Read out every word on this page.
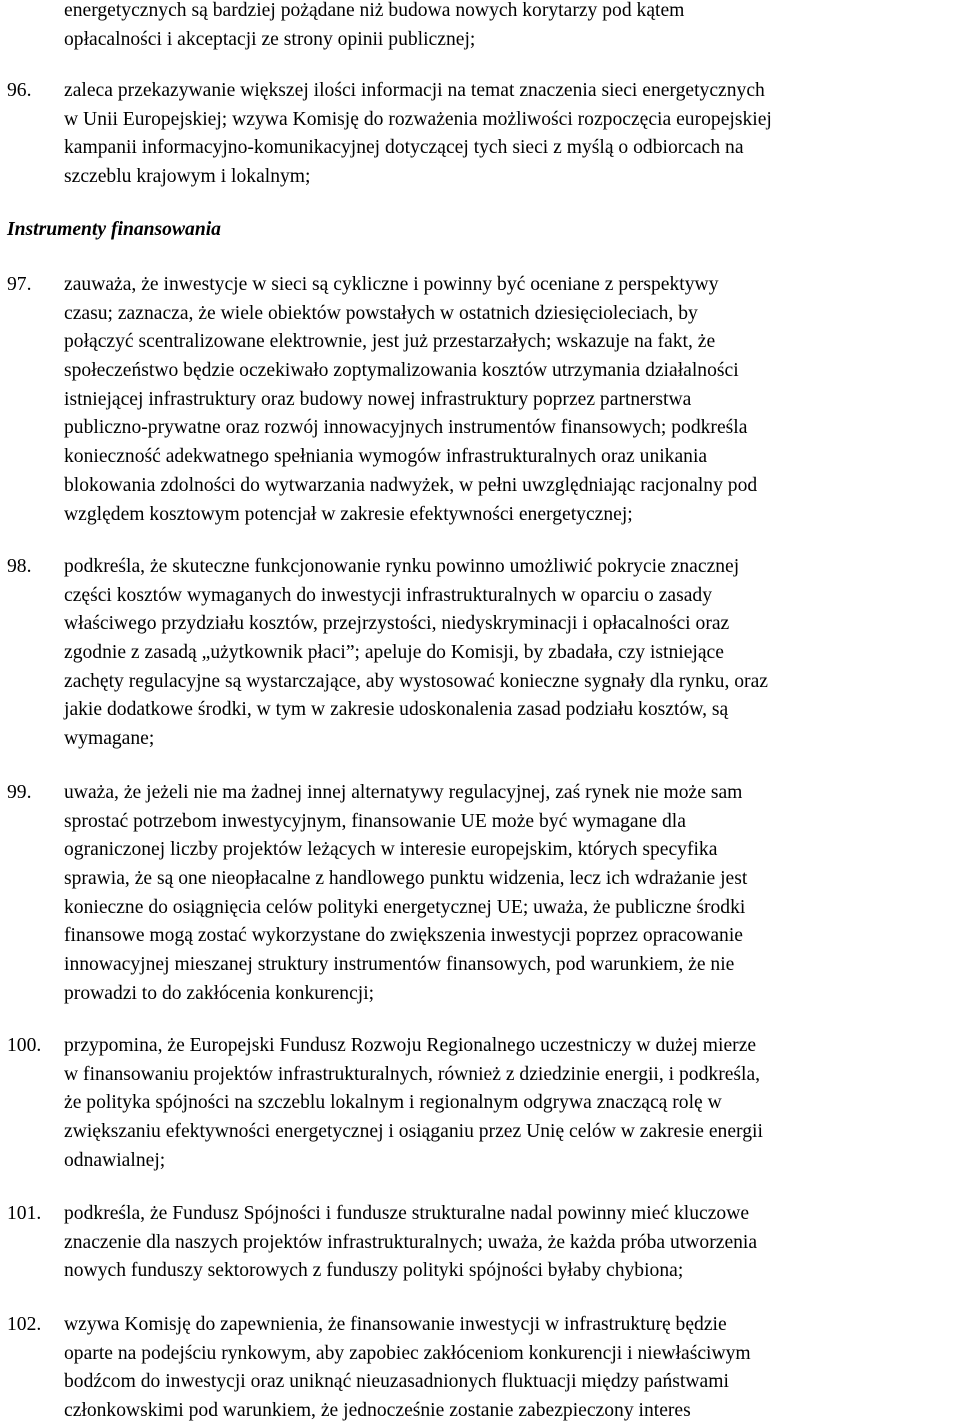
energetycznych są bardziej pożądane niż budowa nowych korytarzy pod kątem
opłacalności i akceptacji ze strony opinii publicznej;
96. zaleca przekazywanie większej ilości informacji na temat znaczenia sieci energetycznych
w Unii Europejskiej; wzywa Komisję do rozważenia możliwości rozpoczęcia europejskiej
kampanii informacyjno-komunikacyjnej dotyczącej tych sieci z myślą o odbiorcach na
szczeblu krajowym i lokalnym;
Instrumenty finansowania
97. zauważa, że inwestycje w sieci są cykliczne i powinny być oceniane z perspektywy
czasu; zaznacza, że wiele obiektów powstałych w ostatnich dziesięcioleciach, by
połączyć scentralizowane elektrownie, jest już przestarzałych; wskazuje na fakt, że
społeczeństwo będzie oczekiwało zoptymalizowania kosztów utrzymania działalności
istniejącej infrastruktury oraz budowy nowej infrastruktury poprzez partnerstwa
publiczno-prywatne oraz rozwój innowacyjnych instrumentów finansowych; podkreśla
konieczność adekwatnego spełniania wymogów infrastrukturalnych oraz unikania
blokowania zdolności do wytwarzania nadwyżek, w pełni uwzględniając racjonalny pod
względem kosztowym potencjał w zakresie efektywności energetycznej;
98. podkreśla, że skuteczne funkcjonowanie rynku powinno umożliwić pokrycie znacznej
części kosztów wymaganych do inwestycji infrastrukturalnych w oparciu o zasady
właściwego przydziału kosztów, przejrzystości, niedyskryminacji i opłacalności oraz
zgodnie z zasadą „użytkownik płaci”; apeluje do Komisji, by zbadała, czy istniejące
zachęty regulacyjne są wystarczające, aby wystosować konieczne sygnały dla rynku, oraz
jakie dodatkowe środki, w tym w zakresie udoskonalenia zasad podziału kosztów, są
wymagane;
99. uważa, że jeżeli nie ma żadnej innej alternatywy regulacyjnej, zaś rynek nie może sam
sprostać potrzebom inwestycyjnym, finansowanie UE może być wymagane dla
ograniczonej liczby projektów leżących w interesie europejskim, których specyfika
sprawia, że są one nieopłacalne z handlowego punktu widzenia, lecz ich wdrażanie jest
konieczne do osiągnięcia celów polityki energetycznej UE; uważa, że publiczne środki
finansowe mogą zostać wykorzystane do zwiększenia inwestycji poprzez opracowanie
innowacyjnej mieszanej struktury instrumentów finansowych, pod warunkiem, że nie
prowadzi to do zakłócenia konkurencji;
100. przypomina, że Europejski Fundusz Rozwoju Regionalnego uczestniczy w dużej mierze
w finansowaniu projektów infrastrukturalnych, również z dziedzinie energii, i podkreśla,
że polityka spójności na szczeblu lokalnym i regionalnym odgrywa znaczącą rolę w
zwiększaniu efektywności energetycznej i osiąganiu przez Unię celów w zakresie energii
odnawialnej;
101. podkreśla, że Fundusz Spójności i fundusze strukturalne nadal powinny mieć kluczowe
znaczenie dla naszych projektów infrastrukturalnych; uważa, że każda próba utworzenia
nowych funduszy sektorowych z funduszy polityki spójności byłaby chybiona;
102. wzywa Komisję do zapewnienia, że finansowanie inwestycji w infrastrukturę będzie
oparte na podejściu rynkowym, aby zapobiec zakłóceniom konkurencji i niewłaściwym
bodźcom do inwestycji oraz uniknąć nieuzasadnionych fluktuacji między państwami
członkowskimi pod warunkiem, że jednocześnie zostanie zabezpieczony interes
